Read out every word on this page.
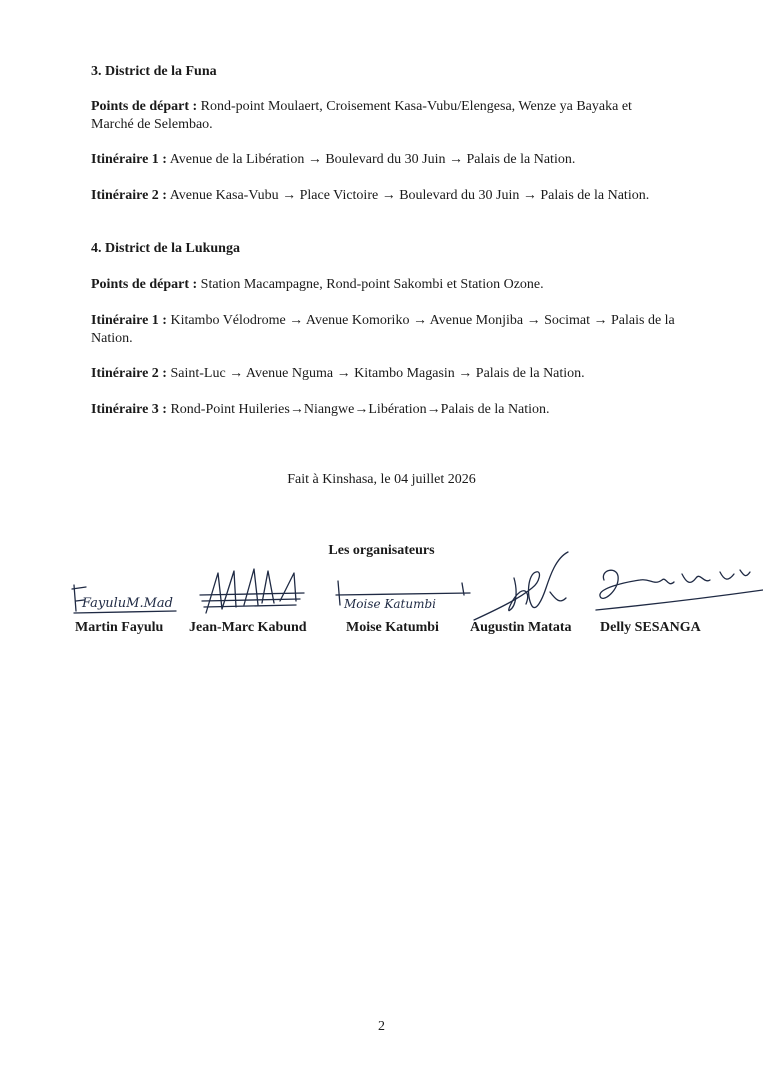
3. District de la Funa
Points de départ : Rond-point Moulaert, Croisement Kasa-Vubu/Elengesa, Wenze ya Bayaka et Marché de Selembao.
Itinéraire 1 : Avenue de la Libération → Boulevard du 30 Juin → Palais de la Nation.
Itinéraire 2 : Avenue Kasa-Vubu → Place Victoire → Boulevard du 30 Juin → Palais de la Nation.
4. District de la Lukunga
Points de départ : Station Macampagne, Rond-point Sakombi et Station Ozone.
Itinéraire 1 : Kitambo Vélodrome → Avenue Komoriko → Avenue Monjiba → Socimat → Palais de la Nation.
Itinéraire 2 : Saint-Luc → Avenue Nguma → Kitambo Magasin → Palais de la Nation.
Itinéraire 3 : Rond-Point Huileries→Niangwe→Libération→Palais de la Nation.
Fait à Kinshasa, le 04 juillet 2026
Les organisateurs
FayuluM.Mad	Moise Katumbi
Martin Fayulu Jean-Marc Kabund	Moise Katumbi Augustin Matata Delly SESANGA
2
